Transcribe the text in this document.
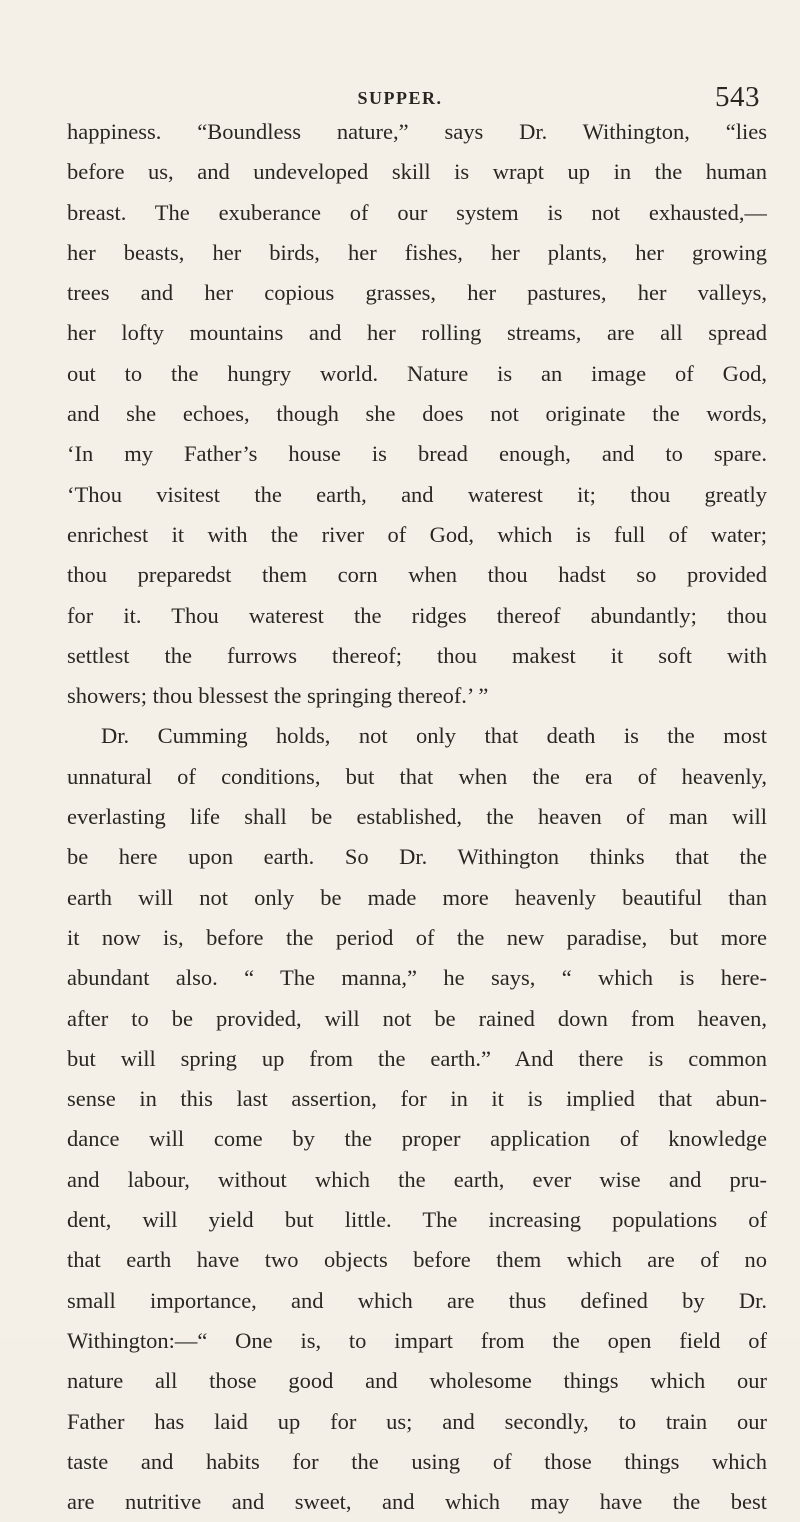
SUPPER.	543
happiness. “Boundless nature,” says Dr. Withington, “lies
before us, and undeveloped skill is wrapt up in the human
breast. The exuberance of our system is not exhausted,—
her beasts, her birds, her fishes, her plants, her growing
trees and her copious grasses, her pastures, her valleys,
her lofty mountains and her rolling streams, are all spread
out to the hungry world. Nature is an image of God,
and she echoes, though she does not originate the words,
‘In my Father’s house is bread enough, and to spare.
‘Thou visitest the earth, and waterest it; thou greatly
enrichest it with the river of God, which is full of water;
thou preparedst them corn when thou hadst so provided
for it. Thou waterest the ridges thereof abundantly; thou
settlest the furrows thereof; thou makest it soft with
showers; thou blessest the springing thereof.’ ”
Dr. Cumming holds, not only that death is the most
unnatural of conditions, but that when the era of heavenly,
everlasting life shall be established, the heaven of man will
be here upon earth. So Dr. Withington thinks that the
earth will not only be made more heavenly beautiful than
it now is, before the period of the new paradise, but more
abundant also. “ The manna,” he says, “ which is here-
after to be provided, will not be rained down from heaven,
but will spring up from the earth.” And there is common
sense in this last assertion, for in it is implied that abun-
dance will come by the proper application of knowledge
and labour, without which the earth, ever wise and pru-
dent, will yield but little. The increasing populations of
that earth have two objects before them which are of no
small importance, and which are thus defined by Dr.
Withington:—“ One is, to impart from the open field of
nature all those good and wholesome things which our
Father has laid up for us; and secondly, to train our
taste and habits for the using of those things which
are nutritive and sweet, and which may have the best
